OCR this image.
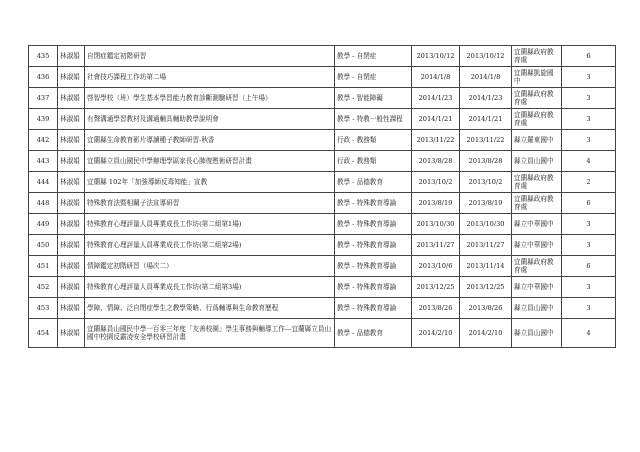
435	林淑娟	自閉症鑑定初階研習	教學 - 自閉症	2013/10/12	2013/10/12	宜蘭縣政府教育處	6
436	林淑娟	社會技巧課程工作坊第二場	教學 - 自閉症	2014/1/8	2014/1/8	宜蘭縣凱旋國中	3
437	林淑娟	啓智學校（班）學生基本學習能力教育診斷測驗研習（上午場）	教學 - 智能障礙	2014/1/23	2014/1/23	宜蘭縣政府教育處	3
439	林淑娟	有聲溝通學習教材及溝通輔具輔助教學說明會	教學 - 特教一般性課程	2014/1/21	2014/1/21	宜蘭縣政府教育處	3
442	林淑娟	宜蘭縣生命教育影片導讀種子教師研習-秋香	行政 - 教務類	2013/11/22	2013/11/22	縣立羅東國中	3
443	林淑娟	宜蘭縣立員山國民中學辦理學區家長心肺復甦術研習計畫	行政 - 教務類	2013/8/28	2013/8/28	縣立員山國中	4
444	林淑娟	宜蘭縣 102年「加強導師反毒知能」宣教	教學 - 品德教育	2013/10/2	2013/10/2	宜蘭縣政府教育處	2
448	林淑娟	特殊教育法暨相關子法宣導研習	教學 - 特殊教育導論	2013/8/19	2013/8/19	宜蘭縣政府教育處	6
449	林淑娟	特殊教育心理評量人員專業成長工作坊(第二組第1場)	教學 - 特殊教育導論	2013/10/30	2013/10/30	縣立中華國中	3
450	林淑娟	特殊教育心理評量人員專業成長工作坊(第二組第2場)	教學 - 特殊教育導論	2013/11/27	2013/11/27	縣立中華國中	3
451	林淑娟	情障鑑定初階研習（場次二）	教學 - 特殊教育導論	2013/10/6	2013/11/14	宜蘭縣政府教育處	6
452	林淑娟	特殊教育心理評量人員專業成長工作坊(第二組第3場)	教學 - 特殊教育導論	2013/12/25	2013/12/25	縣立中華國中	3
453	林淑娟	學障、情障、泛自閉症學生之教學策略、行爲輔導與生命教育歷程	教學 - 特殊教育導論	2013/8/26	2013/8/26	縣立員山國中	3
454	林淑娟	宜蘭縣員山國民中學一百零三年度「友善校園」學生事務與輔導工作---宜蘭縣立員山國中校園反霸凌安全學校研習計畫	教學 - 品德教育	2014/2/10	2014/2/10	縣立員山國中	4
